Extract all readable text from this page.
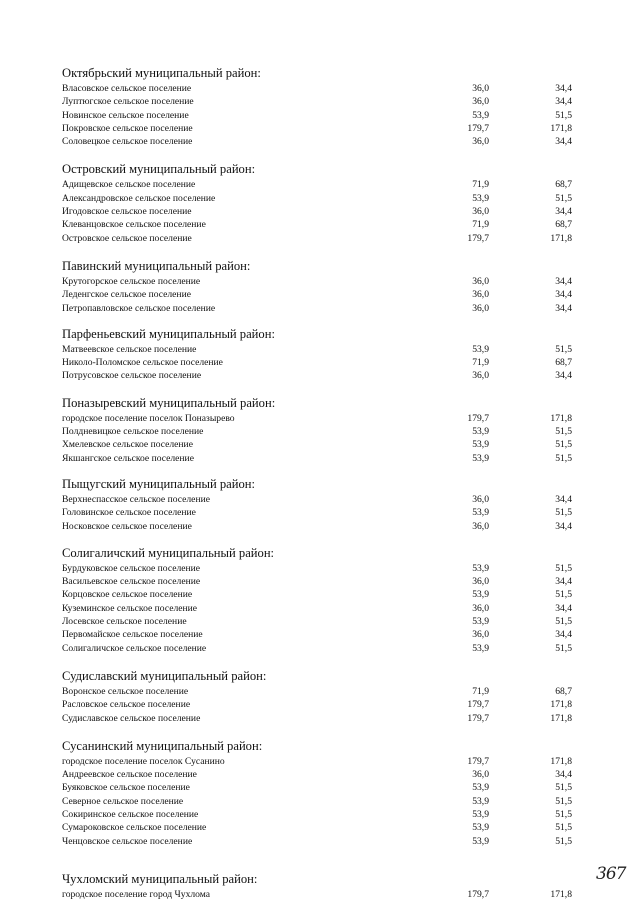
Октябрьский муниципальный район:
Власовское сельское поселение	36,0	34,4
Луптюгское сельское поселение	36,0	34,4
Новинское сельское поселение	53,9	51,5
Покровское сельское поселение	179,7	171,8
Соловецкое сельское поселение	36,0	34,4
Островский муниципальный район:
Адищевское сельское поселение	71,9	68,7
Александровское сельское поселение	53,9	51,5
Игодовское сельское поселение	36,0	34,4
Клеванцовское сельское поселение	71,9	68,7
Островское сельское поселение	179,7	171,8
Павинский муниципальный район:
Крутогорское сельское поселение	36,0	34,4
Леденгское сельское поселение	36,0	34,4
Петропавловское сельское поселение	36,0	34,4
Парфеньевский муниципальный район:
Матвеевское сельское поселение	53,9	51,5
Николо-Поломское сельское поселение	71,9	68,7
Потрусовское сельское поселение	36,0	34,4
Поназыревский муниципальный район:
городское поселение поселок Поназырево	179,7	171,8
Полдневицкое сельское поселение	53,9	51,5
Хмелевское сельское поселение	53,9	51,5
Якшангское сельское поселение	53,9	51,5
Пыщугский муниципальный район:
Верхнеспасское сельское поселение	36,0	34,4
Головинское сельское поселение	53,9	51,5
Носковское сельское поселение	36,0	34,4
Солигаличский муниципальный район:
Бурдуковское сельское поселение	53,9	51,5
Васильевское сельское поселение	36,0	34,4
Корцовское сельское поселение	53,9	51,5
Куземинское сельское поселение	36,0	34,4
Лосевское сельское поселение	53,9	51,5
Первомайское сельское поселение	36,0	34,4
Солигаличское сельское поселение	53,9	51,5
Судиславский муниципальный район:
Воронское сельское поселение	71,9	68,7
Расловское сельское поселение	179,7	171,8
Судиславское сельское поселение	179,7	171,8
Сусанинский муниципальный район:
городское поселение поселок Сусанино	179,7	171,8
Андреевское сельское поселение	36,0	34,4
Буяковское сельское поселение	53,9	51,5
Северное сельское поселение	53,9	51,5
Сокиринское сельское поселение	53,9	51,5
Сумароковское сельское поселение	53,9	51,5
Ченцовское сельское поселение	53,9	51,5
Чухломский муниципальный район:
городское поселение город Чухлома	179,7	171,8
367
